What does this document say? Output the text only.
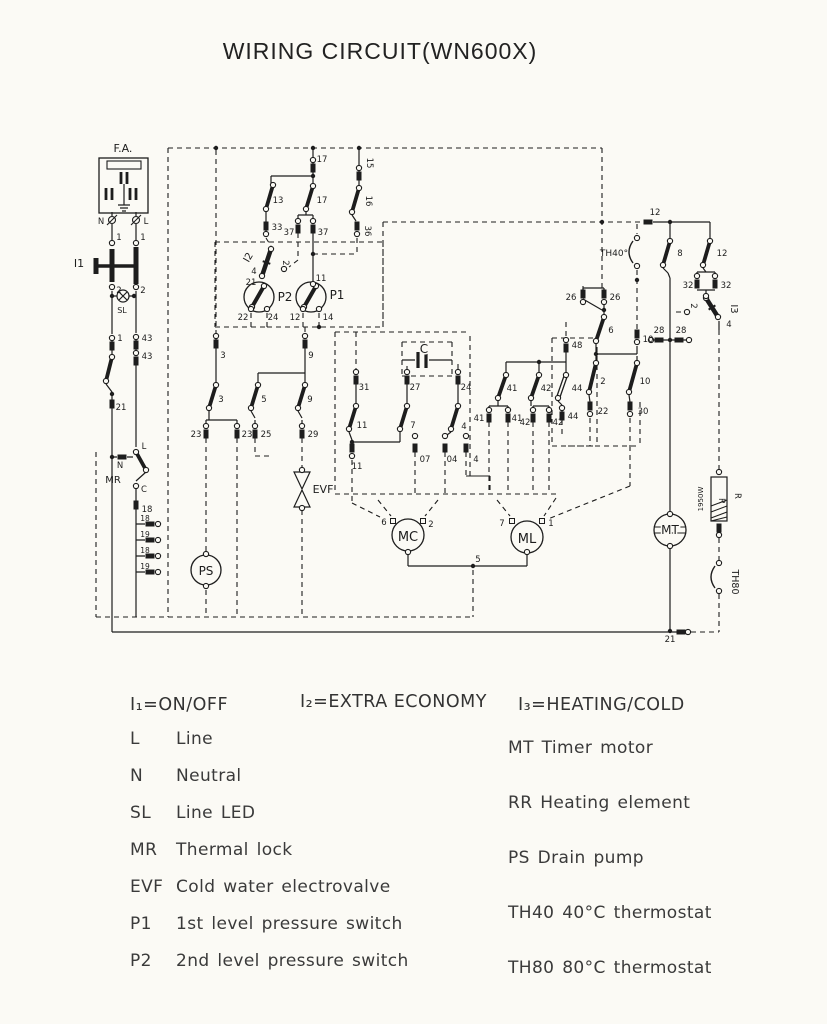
WIRING CIRCUIT(WN600X)
F.A.
N	L
1 1
I1
2 2
SL
1 43
43
21
L
N
MR
C
18
18
19
18
19
23	23 25	29
3
3	5
9
9
EVF
PS
17	15
13	17	16
33 37	37	36
I2
4
2
21
P2	P1
11
22 24 12	14
C
31	27	24
11	7	4
11
07 04 4
41	41
42	42
44
41	42 44
48
26	26
6
10
2	10
22	30
28 28
12
TH40°	8	12
32	32
I3
2
4
1950W R
R
TH80
MT
21
MC	ML
6	2	7	1
5
I₁=ON/OFF	I₂=EXTRA ECONOMY I₃=HEATING/COLD
L Line
N Neutral
SL Line LED
MR Thermal lock
EVF Cold water electrovalve
P1 1st level pressure switch
P2 2nd level pressure switch
MT Timer motor
RR Heating element
PS Drain pump
TH40 40°C thermostat
TH80 80°C thermostat
